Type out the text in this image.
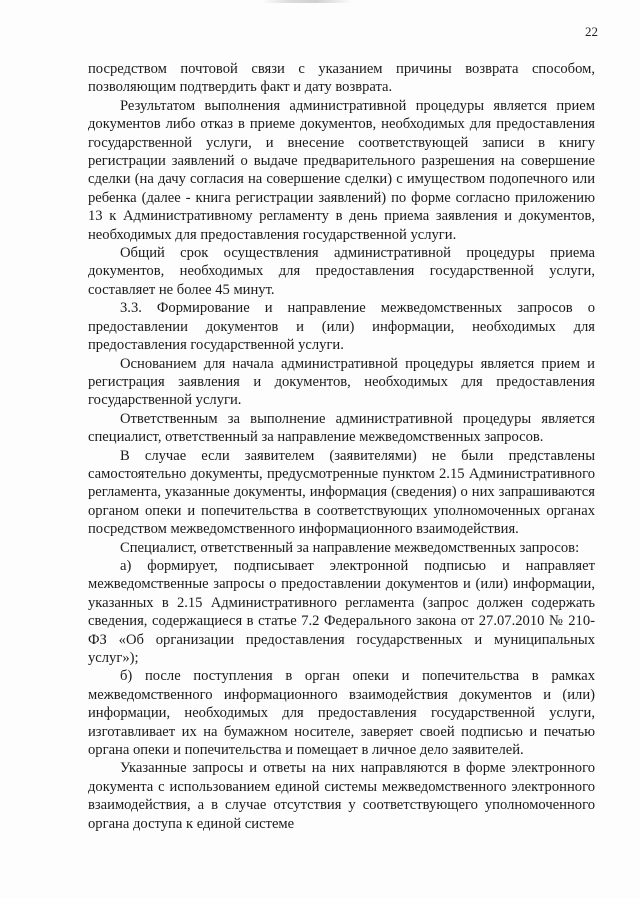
22

посредством почтовой связи с указанием причины возврата способом, позволяющим подтвердить факт и дату возврата.

Результатом выполнения административной процедуры является прием документов либо отказ в приеме документов, необходимых для предоставления государственной услуги, и внесение соответствующей записи в книгу регистрации заявлений о выдаче предварительного разрешения на совершение сделки (на дачу согласия на совершение сделки) с имуществом подопечного или ребенка (далее - книга регистрации заявлений) по форме согласно приложению 13 к Административному регламенту в день приема заявления и документов, необходимых для предоставления государственной услуги.

Общий срок осуществления административной процедуры приема документов, необходимых для предоставления государственной услуги, составляет не более 45 минут.

3.3. Формирование и направление межведомственных запросов о предоставлении документов и (или) информации, необходимых для предоставления государственной услуги.

Основанием для начала административной процедуры является прием и регистрация заявления и документов, необходимых для предоставления государственной услуги.

Ответственным за выполнение административной процедуры является специалист, ответственный за направление межведомственных запросов.

В случае если заявителем (заявителями) не были представлены самостоятельно документы, предусмотренные пунктом 2.15 Административного регламента, указанные документы, информация (сведения) о них запрашиваются органом опеки и попечительства в соответствующих уполномоченных органах посредством межведомственного информационного взаимодействия.

Специалист, ответственный за направление межведомственных запросов:

а) формирует, подписывает электронной подписью и направляет межведомственные запросы о предоставлении документов и (или) информации, указанных в 2.15 Административного регламента (запрос должен содержать сведения, содержащиеся в статье 7.2 Федерального закона от 27.07.2010 № 210-ФЗ «Об организации предоставления государственных и муниципальных услуг»);

б) после поступления в орган опеки и попечительства в рамках межведомственного информационного взаимодействия документов и (или) информации, необходимых для предоставления государственной услуги, изготавливает их на бумажном носителе, заверяет своей подписью и печатью органа опеки и попечительства и помещает в личное дело заявителей.

Указанные запросы и ответы на них направляются в форме электронного документа с использованием единой системы межведомственного электронного взаимодействия, а в случае отсутствия у соответствующего уполномоченного органа доступа к единой системе
